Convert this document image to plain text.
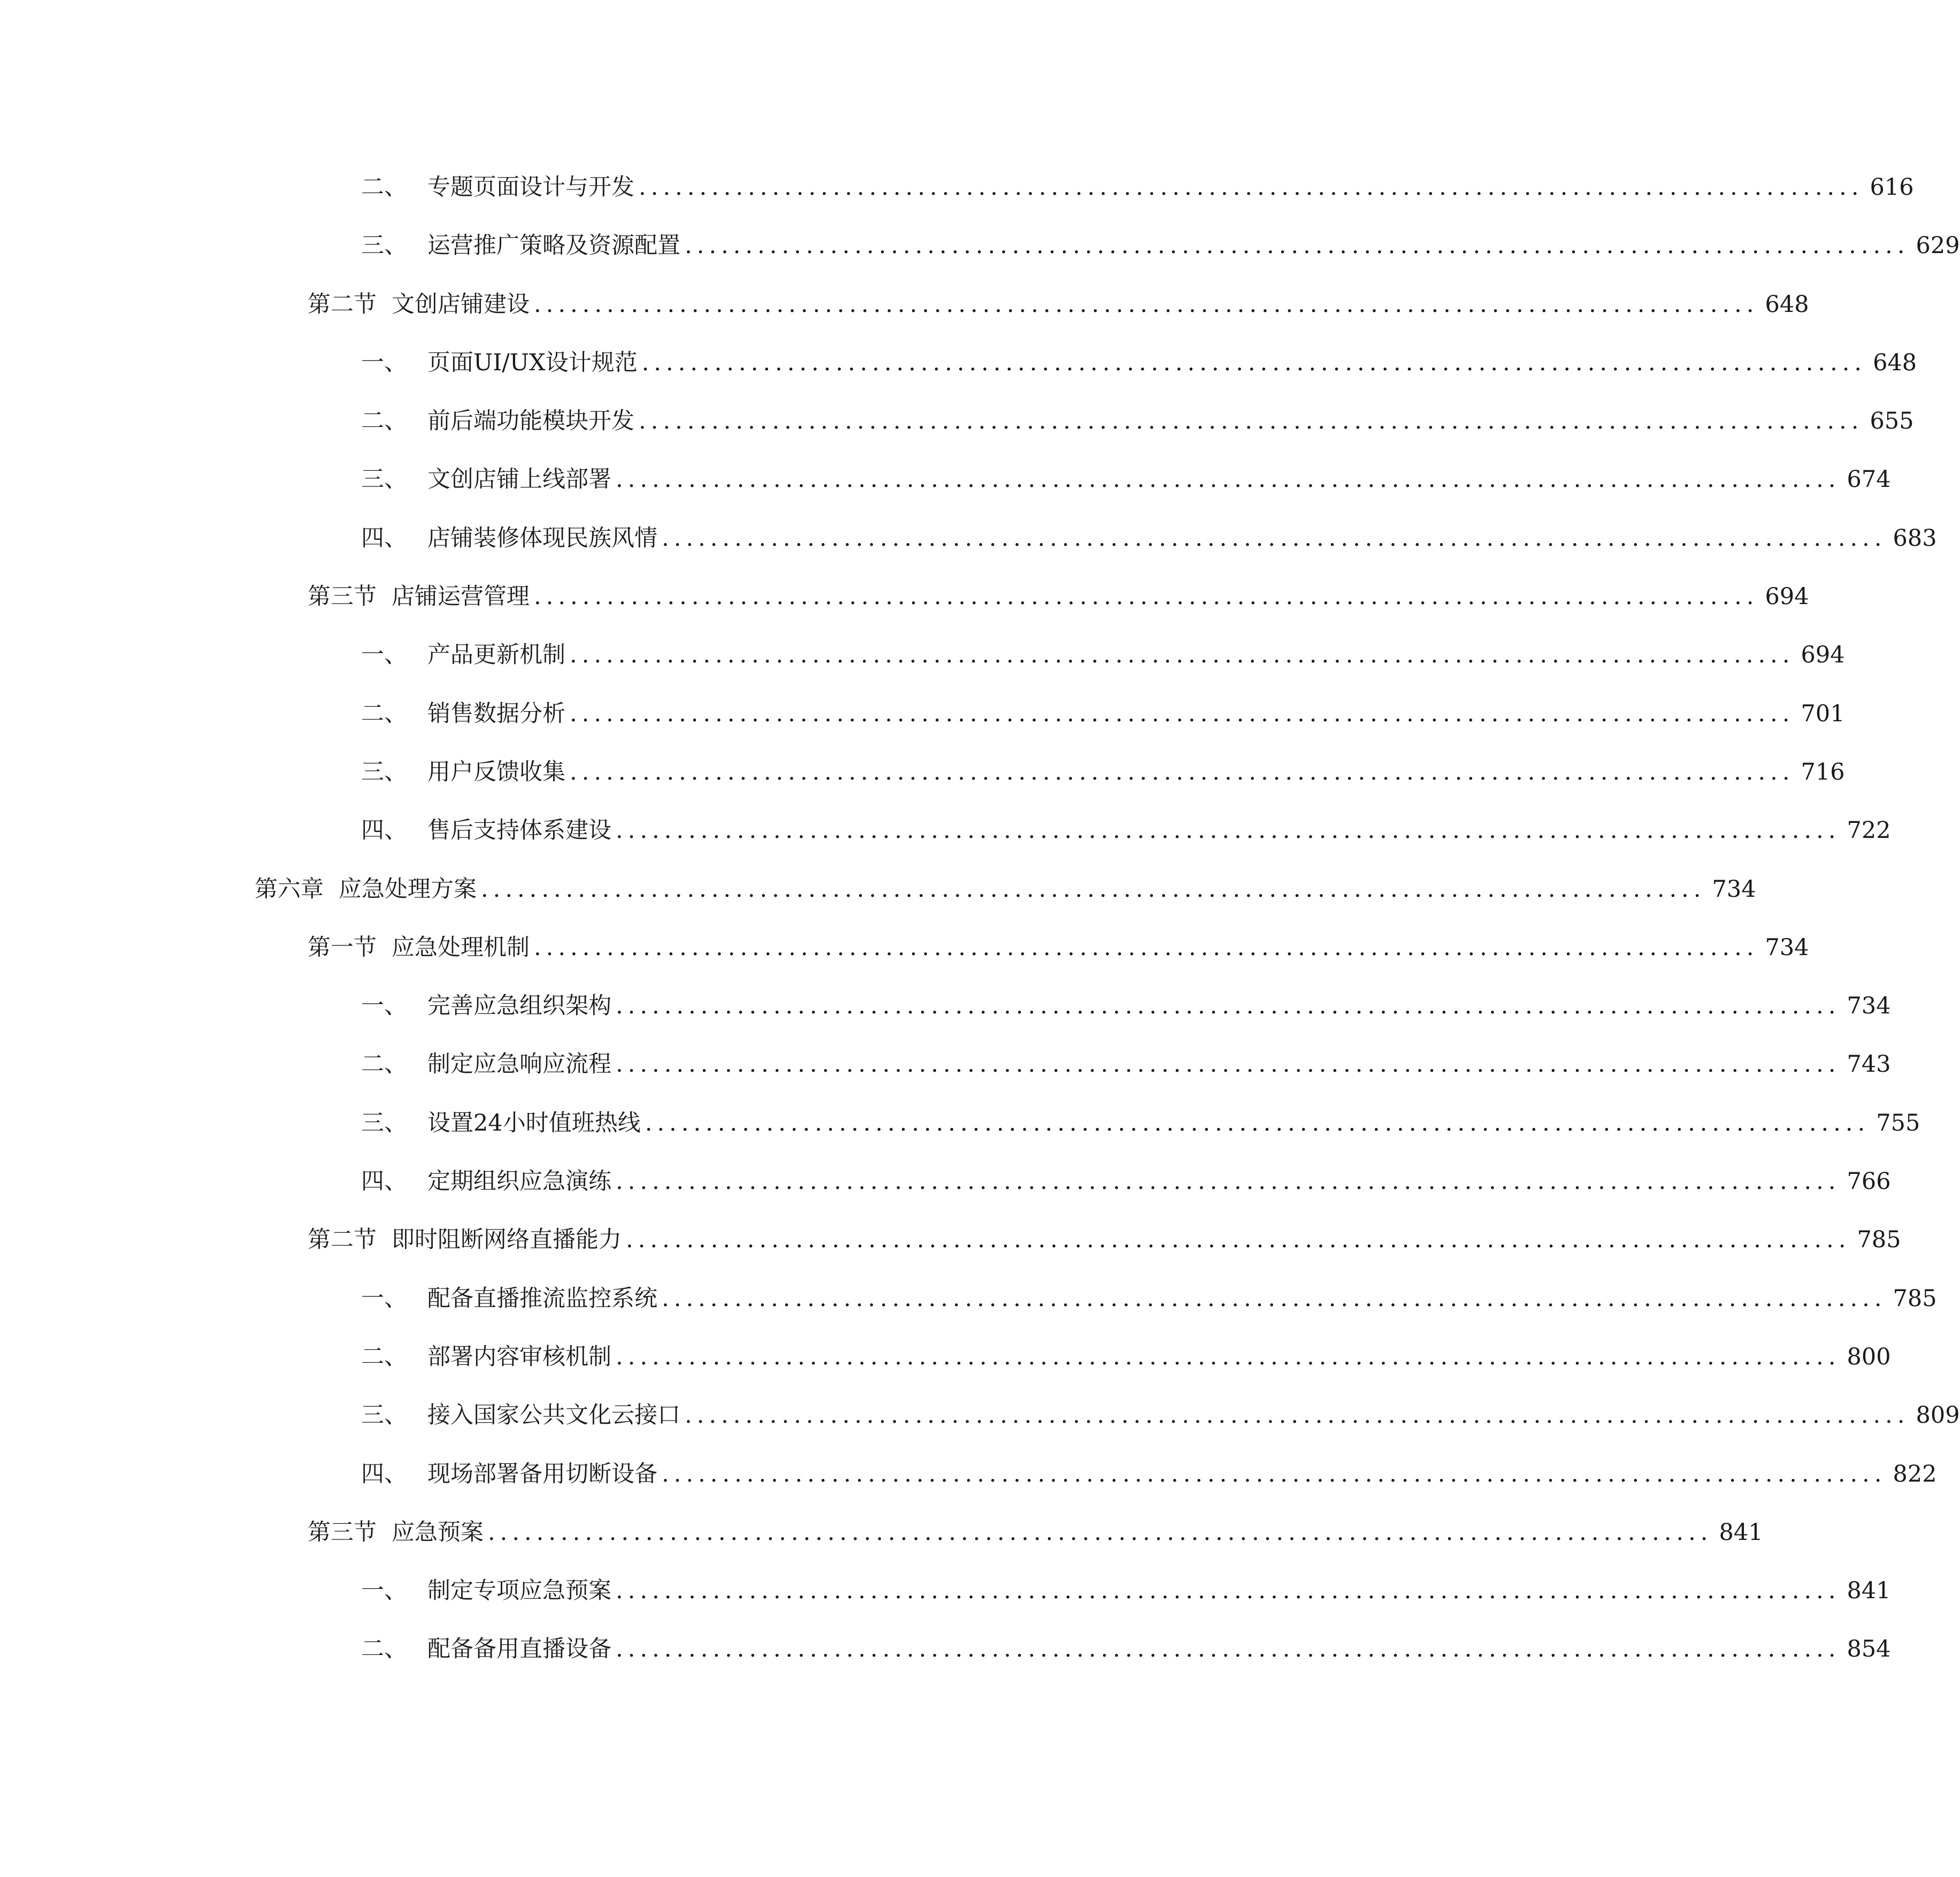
二、 专题页面设计与开发 ..................................................................................................... 616
三、 运营推广策略及资源配置 ..................................................................................................... 629
第二节 文创店铺建设 ..................................................................................................... 648
一、 页面UI/UX设计规范 ..................................................................................................... 648
二、 前后端功能模块开发 ..................................................................................................... 655
三、 文创店铺上线部署 ..................................................................................................... 674
四、 店铺装修体现民族风情 ..................................................................................................... 683
第三节 店铺运营管理 ..................................................................................................... 694
一、 产品更新机制 ..................................................................................................... 694
二、 销售数据分析 ..................................................................................................... 701
三、 用户反馈收集 ..................................................................................................... 716
四、 售后支持体系建设 ..................................................................................................... 722
第六章 应急处理方案 ..................................................................................................... 734
第一节 应急处理机制 ..................................................................................................... 734
一、 完善应急组织架构 ..................................................................................................... 734
二、 制定应急响应流程 ..................................................................................................... 743
三、 设置24小时值班热线 ..................................................................................................... 755
四、 定期组织应急演练 ..................................................................................................... 766
第二节 即时阻断网络直播能力 ..................................................................................................... 785
一、 配备直播推流监控系统 ..................................................................................................... 785
二、 部署内容审核机制 ..................................................................................................... 800
三、 接入国家公共文化云接口 ..................................................................................................... 809
四、 现场部署备用切断设备 ..................................................................................................... 822
第三节 应急预案 ..................................................................................................... 841
一、 制定专项应急预案 ..................................................................................................... 841
二、 配备备用直播设备 ..................................................................................................... 854
